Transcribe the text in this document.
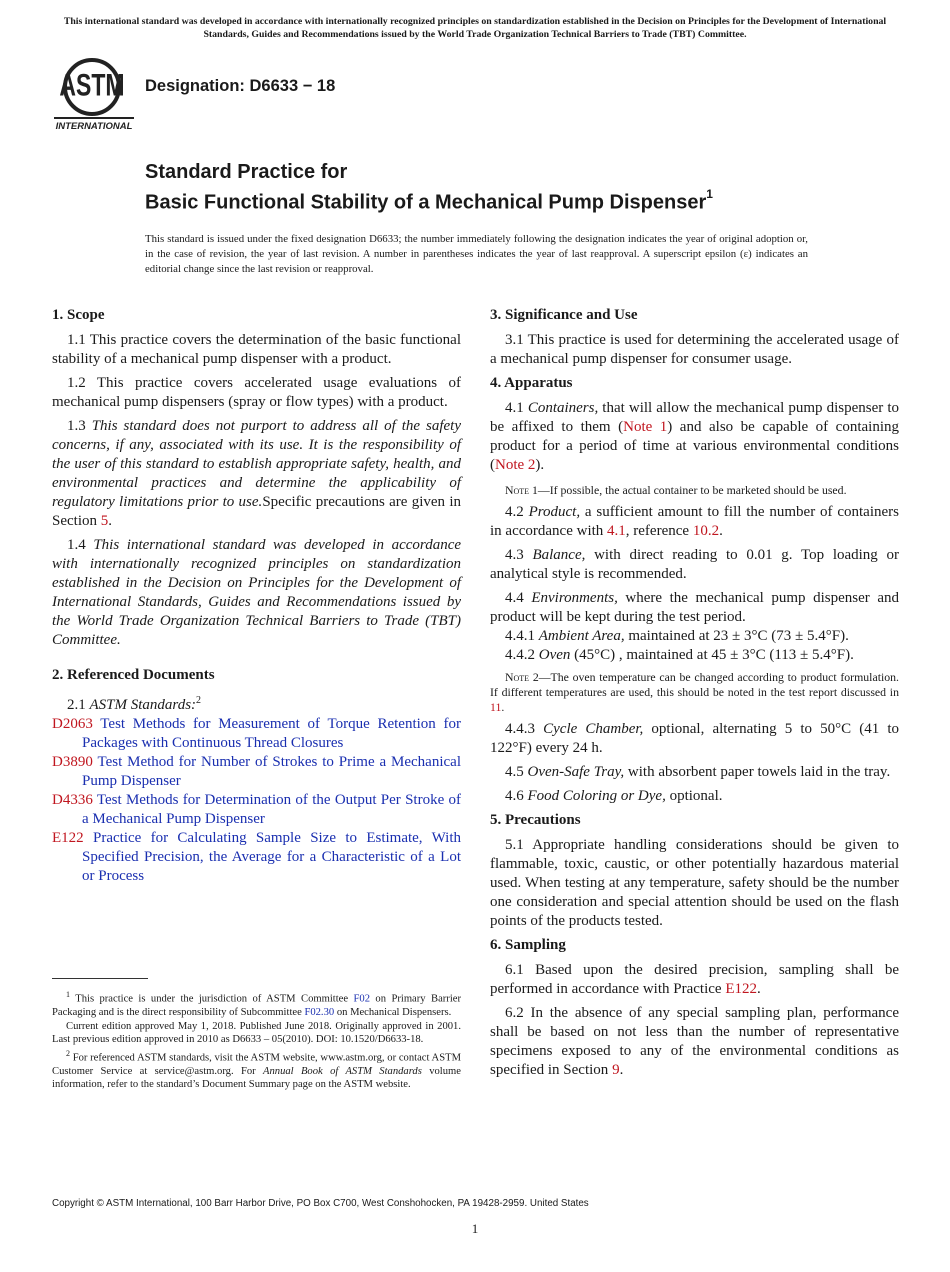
This international standard was developed in accordance with internationally recognized principles on standardization established in the Decision on Principles for the Development of International Standards, Guides and Recommendations issued by the World Trade Organization Technical Barriers to Trade (TBT) Committee.
ASTM
INTERNATIONAL
Designation: D6633 − 18
Standard Practice for
Basic Functional Stability of a Mechanical Pump Dispenser$^1$
This standard is issued under the fixed designation D6633; the number immediately following the designation indicates the year of original adoption or, in the case of revision, the year of last revision. A number in parentheses indicates the year of last reapproval. A superscript epsilon (ε) indicates an editorial change since the last revision or reapproval.

1. Scope

1.1 This practice covers the determination of the basic functional stability of a mechanical pump dispenser with a product.

1.2 This practice covers accelerated usage evaluations of mechanical pump dispensers (spray or flow types) with a product.

1.3 This standard does not purport to address all of the safety concerns, if any, associated with its use. It is the responsibility of the user of this standard to establish appropriate safety, health, and environmental practices and determine the applicability of regulatory limitations prior to use.Specific precautions are given in Section 5.

1.4 This international standard was developed in accordance with internationally recognized principles on standardization established in the Decision on Principles for the Development of International Standards, Guides and Recommendations issued by the World Trade Organization Technical Barriers to Trade (TBT) Committee.

2. Referenced Documents

2.1 ASTM Standards:$^2$

D2063 Test Methods for Measurement of Torque Retention for Packages with Continuous Thread Closures

D3890 Test Method for Number of Strokes to Prime a Mechanical Pump Dispenser

D4336 Test Methods for Determination of the Output Per Stroke of a Mechanical Pump Dispenser

E122 Practice for Calculating Sample Size to Estimate, With Specified Precision, the Average for a Characteristic of a Lot or Process

$^1$ This practice is under the jurisdiction of ASTM Committee F02 on Primary Barrier Packaging and is the direct responsibility of Subcommittee F02.30 on Mechanical Dispensers.

Current edition approved May 1, 2018. Published June 2018. Originally approved in 2001. Last previous edition approved in 2010 as D6633 – 05(2010). DOI: 10.1520/D6633-18.

$^2$ For referenced ASTM standards, visit the ASTM website, www.astm.org, or contact ASTM Customer Service at service@astm.org. For Annual Book of ASTM Standards volume information, refer to the standard’s Document Summary page on the ASTM website.

3. Significance and Use

3.1 This practice is used for determining the accelerated usage of a mechanical pump dispenser for consumer usage.

4. Apparatus

4.1 Containers, that will allow the mechanical pump dispenser to be affixed to them (Note 1) and also be capable of containing product for a period of time at various environmental conditions (Note 2).

Note 1—If possible, the actual container to be marketed should be used.

4.2 Product, a sufficient amount to fill the number of containers in accordance with 4.1, reference 10.2.

4.3 Balance, with direct reading to 0.01 g. Top loading or analytical style is recommended.

4.4 Environments, where the mechanical pump dispenser and product will be kept during the test period.

4.4.1 Ambient Area, maintained at 23 ± 3°C (73 ± 5.4°F).

4.4.2 Oven (45°C) , maintained at 45 ± 3°C (113 ± 5.4°F).

Note 2—The oven temperature can be changed according to product formulation. If different temperatures are used, this should be noted in the test report discussed in 11.

4.4.3 Cycle Chamber, optional, alternating 5 to 50°C (41 to 122°F) every 24 h.

4.5 Oven-Safe Tray, with absorbent paper towels laid in the tray.

4.6 Food Coloring or Dye, optional.

5. Precautions

5.1 Appropriate handling considerations should be given to flammable, toxic, caustic, or other potentially hazardous material used. When testing at any temperature, safety should be the number one consideration and special attention should be used on the flash points of the products tested.

6. Sampling

6.1 Based upon the desired precision, sampling shall be performed in accordance with Practice E122.

6.2 In the absence of any special sampling plan, performance shall be based on not less than the number of representative specimens exposed to any of the environmental conditions as specified in Section 9.

Copyright © ASTM International, 100 Barr Harbor Drive, PO Box C700, West Conshohocken, PA 19428-2959. United States
1
